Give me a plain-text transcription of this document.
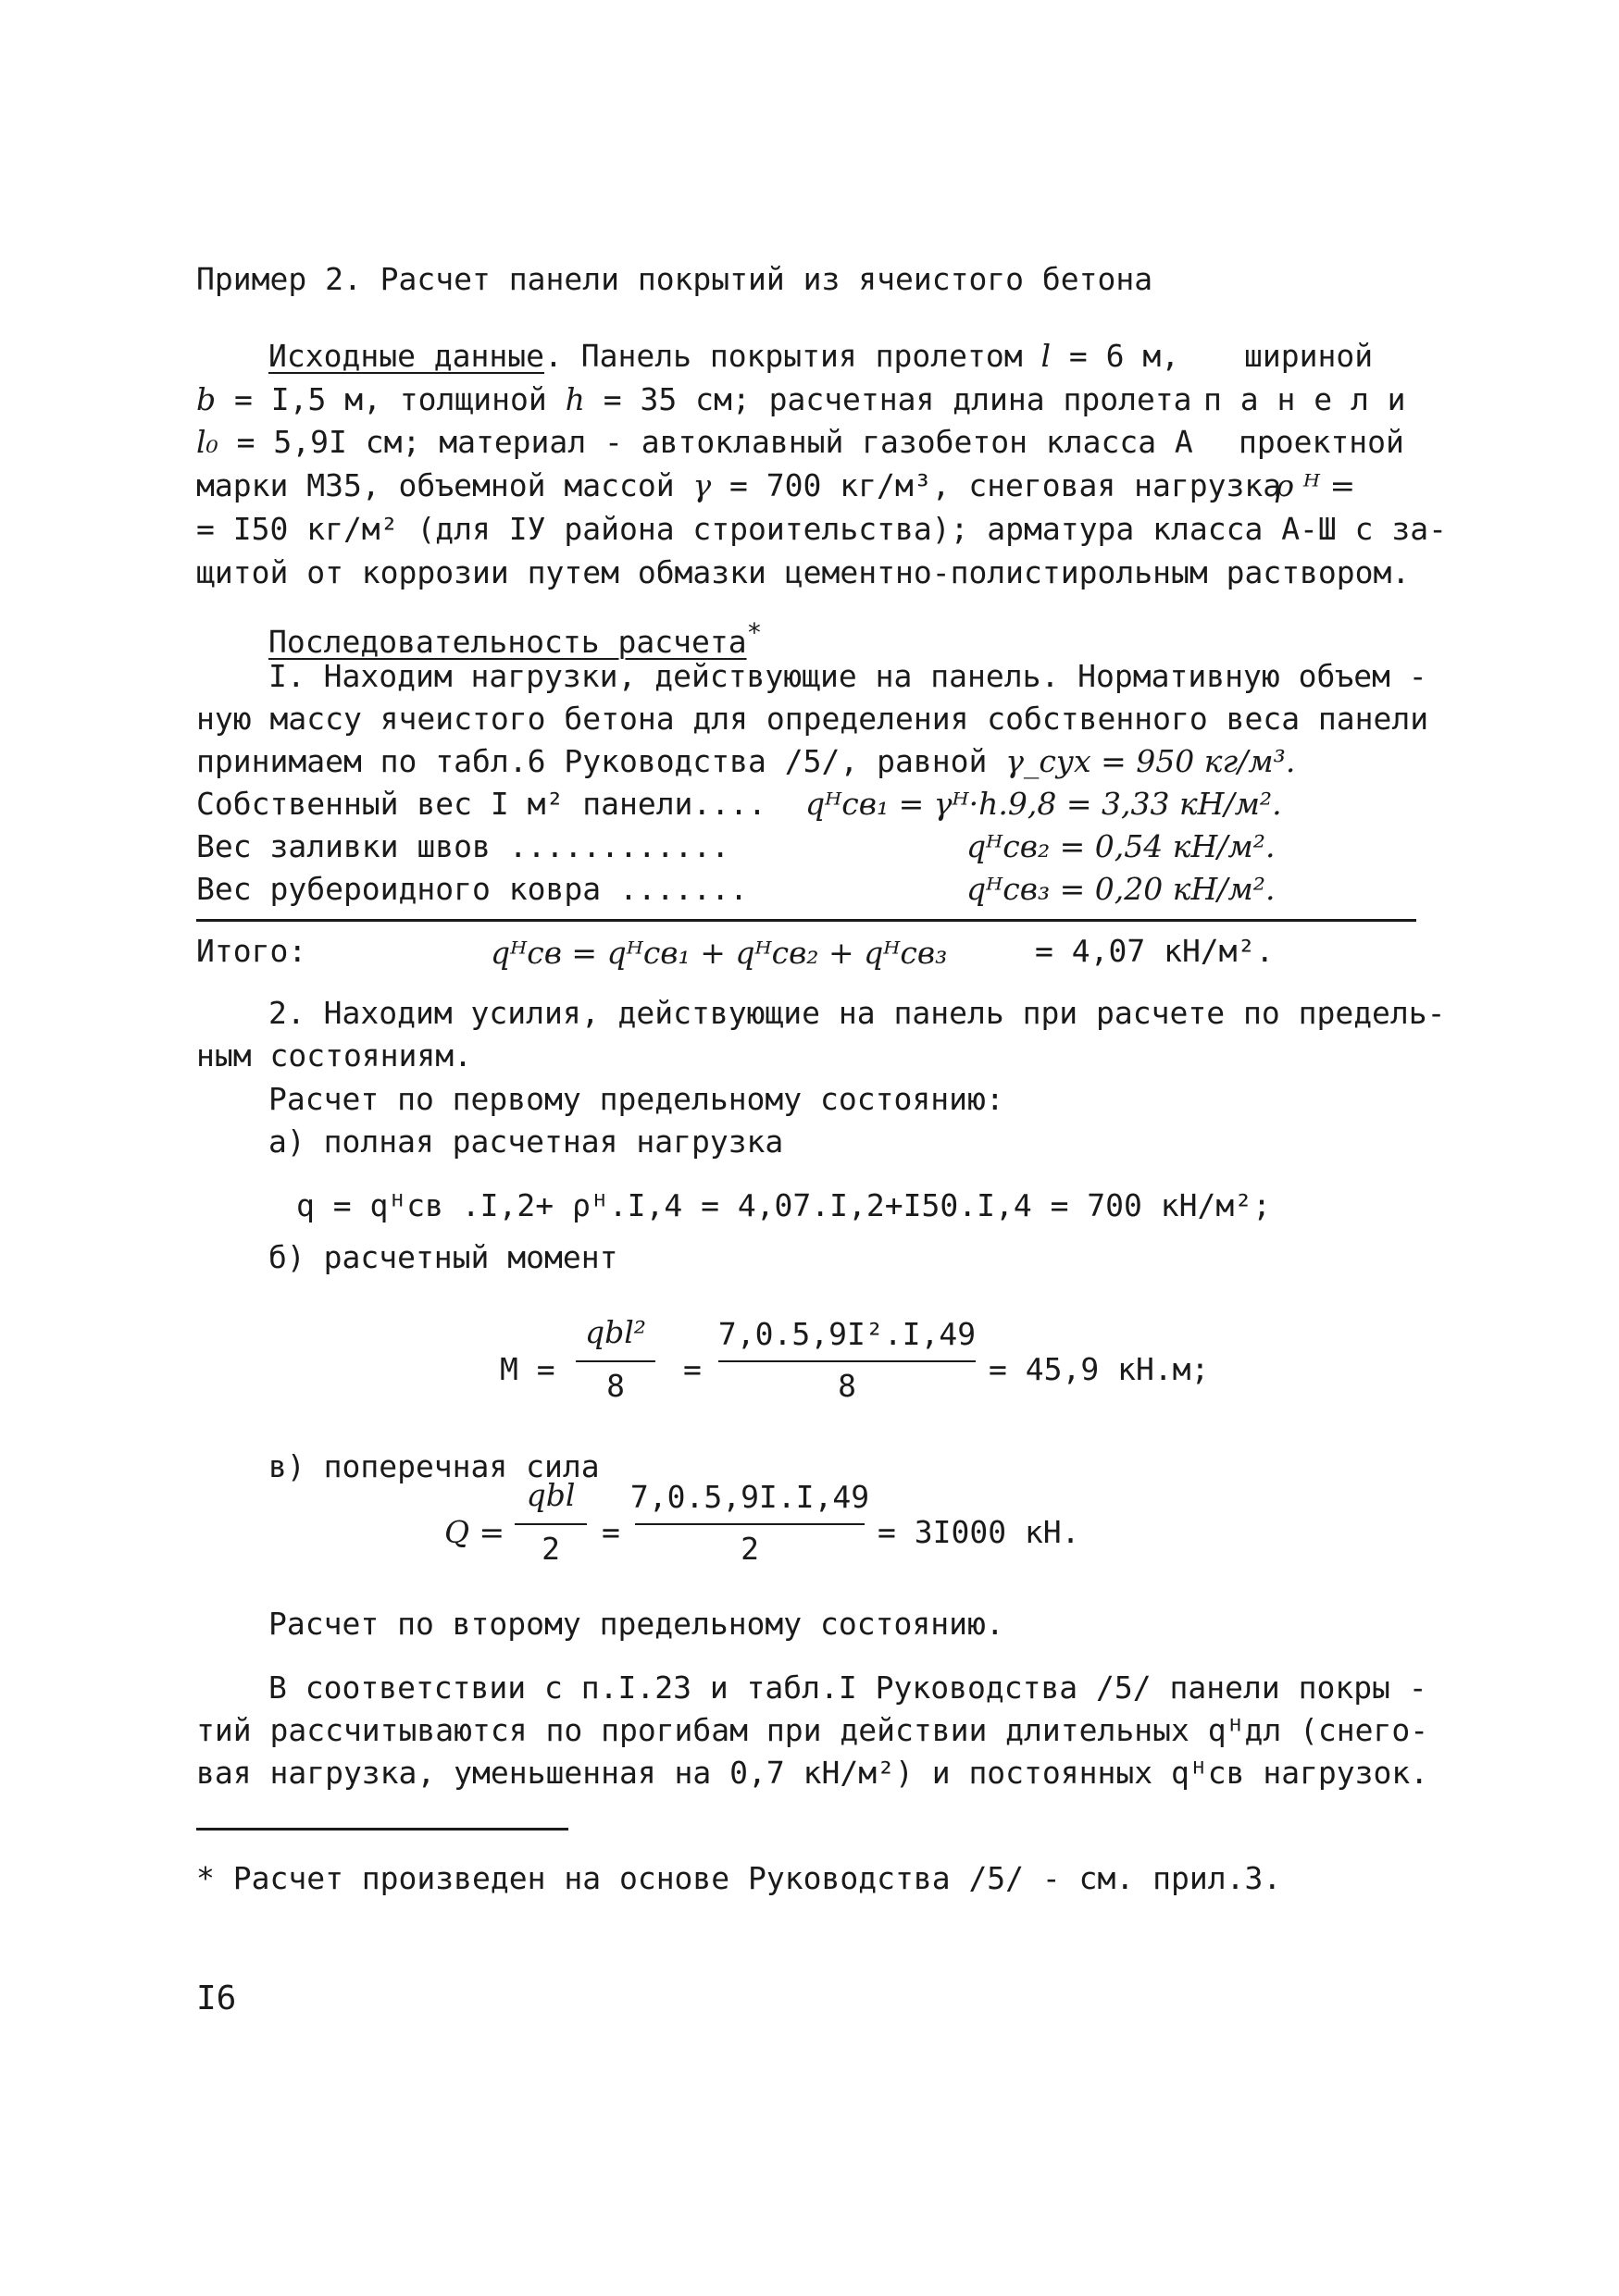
Пример 2. Расчет панели покрытий из ячеистого бетона
Исходные данные. Панель покрытия пролетом l = 6 м, шириной
b = I,5 м, толщиной h = 35 см; расчетная длина пролета п а н е л и
l₀ = 5,9I см; материал - автоклавный газобетон класса А проектной
марки М35, объемной массой γ = 700 кг/м³, снеговая нагрузка
ρ ᴴ =
= I50 кг/м² (для IУ района строительства); арматура класса А-Ш с за-
щитой от коррозии путем обмазки цементно-полистирольным раствором.
Последовательность расчета*
I. Находим нагрузки, действующие на панель. Нормативную объем -
ную массу ячеистого бетона для определения собственного веса панели
принимаем по табл.6 Руководства /5/, равной γ_суx = 950 кг/м³.
Собственный вес I м² панели.... qᴴсв₁ = γᴴ·h.9,8 = 3,33 кН/м².
Вес заливки швов ............	qᴴсв₂ = 0,54 кН/м².
Вес рубероидного ковра .......	qᴴсв₃ = 0,20 кН/м².
Итого:	qᴴсв = qᴴсв₁ + qᴴсв₂ + qᴴсв₃	= 4,07 кН/м².
2. Находим усилия, действующие на панель при расчете по предель-
ным состояниям.
Расчет по первому предельному состоянию:
а) полная расчетная нагрузка
q = qᴴсв .I,2+ ρᴴ.I,4 = 4,07.I,2+I50.I,4 = 700 кН/м²;
б) расчетный момент
М =
qbl²
8	=
7,0.5,9I².I,49
8	= 45,9 кН.м;
в) поперечная сила
Q =
qbl
2	=
7,0.5,9I.I,49
2	= 3I000 кН.
Расчет по второму предельному состоянию.
В соответствии с п.I.23 и табл.I Руководства /5/ панели покры -
тий рассчитываются по прогибам при действии длительных qᴴдл (снего-
вая нагрузка, уменьшенная на 0,7 кН/м²) и постоянных qᴴсв нагрузок.
* Расчет произведен на основе Руководства /5/ - см. прил.3.
I6
